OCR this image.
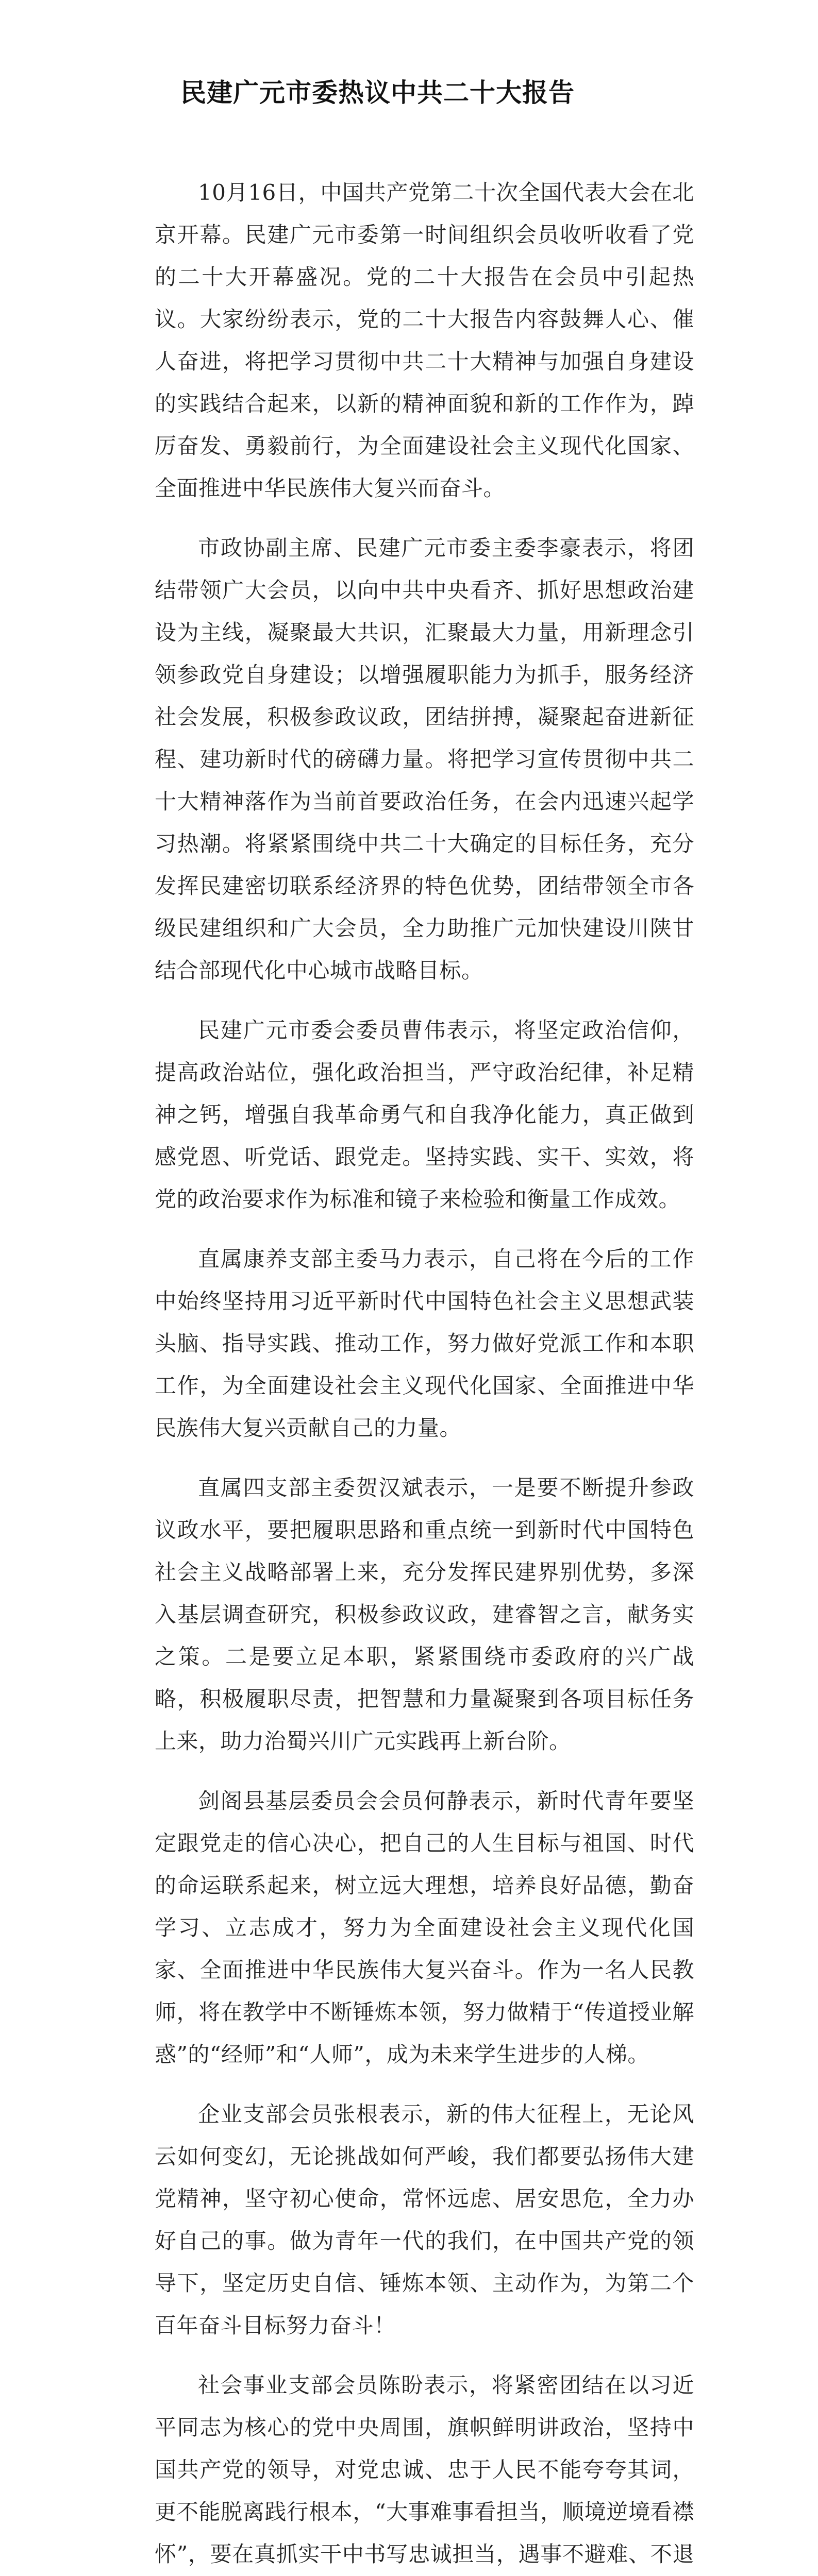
民建广元市委热议中共二十大报告

10月16日，中国共产党第二十次全国代表大会在北京开幕。民建广元市委第一时间组织会员收听收看了党的二十大开幕盛况。党的二十大报告在会员中引起热议。大家纷纷表示，党的二十大报告内容鼓舞人心、催人奋进，将把学习贯彻中共二十大精神与加强自身建设的实践结合起来，以新的精神面貌和新的工作作为，踔厉奋发、勇毅前行，为全面建设社会主义现代化国家、全面推进中华民族伟大复兴而奋斗。

市政协副主席、民建广元市委主委李豪表示，将团结带领广大会员，以向中共中央看齐、抓好思想政治建设为主线，凝聚最大共识，汇聚最大力量，用新理念引领参政党自身建设；以增强履职能力为抓手，服务经济社会发展，积极参政议政，团结拼搏，凝聚起奋进新征程、建功新时代的磅礴力量。将把学习宣传贯彻中共二十大精神落作为当前首要政治任务，在会内迅速兴起学习热潮。将紧紧围绕中共二十大确定的目标任务，充分发挥民建密切联系经济界的特色优势，团结带领全市各级民建组织和广大会员，全力助推广元加快建设川陕甘结合部现代化中心城市战略目标。

民建广元市委会委员曹伟表示，将坚定政治信仰，提高政治站位，强化政治担当，严守政治纪律，补足精神之钙，增强自我革命勇气和自我净化能力，真正做到感党恩、听党话、跟党走。坚持实践、实干、实效，将党的政治要求作为标准和镜子来检验和衡量工作成效。

直属康养支部主委马力表示，自己将在今后的工作中始终坚持用习近平新时代中国特色社会主义思想武装头脑、指导实践、推动工作，努力做好党派工作和本职工作，为全面建设社会主义现代化国家、全面推进中华民族伟大复兴贡献自己的力量。

直属四支部主委贺汉斌表示，一是要不断提升参政议政水平，要把履职思路和重点统一到新时代中国特色社会主义战略部署上来，充分发挥民建界别优势，多深入基层调查研究，积极参政议政，建睿智之言，献务实之策。二是要立足本职，紧紧围绕市委政府的兴广战略，积极履职尽责，把智慧和力量凝聚到各项目标任务上来，助力治蜀兴川广元实践再上新台阶。

剑阁县基层委员会会员何静表示，新时代青年要坚定跟党走的信心决心，把自己的人生目标与祖国、时代的命运联系起来，树立远大理想，培养良好品德，勤奋学习、立志成才，努力为全面建设社会主义现代化国家、全面推进中华民族伟大复兴奋斗。作为一名人民教师，将在教学中不断锤炼本领，努力做精于“传道授业解惑”的“经师”和“人师”，成为未来学生进步的人梯。

企业支部会员张根表示，新的伟大征程上，无论风云如何变幻，无论挑战如何严峻，我们都要弘扬伟大建党精神，坚守初心使命，常怀远虑、居安思危，全力办好自己的事。做为青年一代的我们，在中国共产党的领导下，坚定历史自信、锤炼本领、主动作为，为第二个百年奋斗目标努力奋斗！

社会事业支部会员陈盼表示，将紧密团结在以习近平同志为核心的党中央周围，旗帜鲜明讲政治，坚持中国共产党的领导，对党忠诚、忠于人民不能夸夸其词，更不能脱离践行根本，“大事难事看担当，顺境逆境看襟怀”，要在真抓实干中书写忠诚担当，遇事不避难、不退
